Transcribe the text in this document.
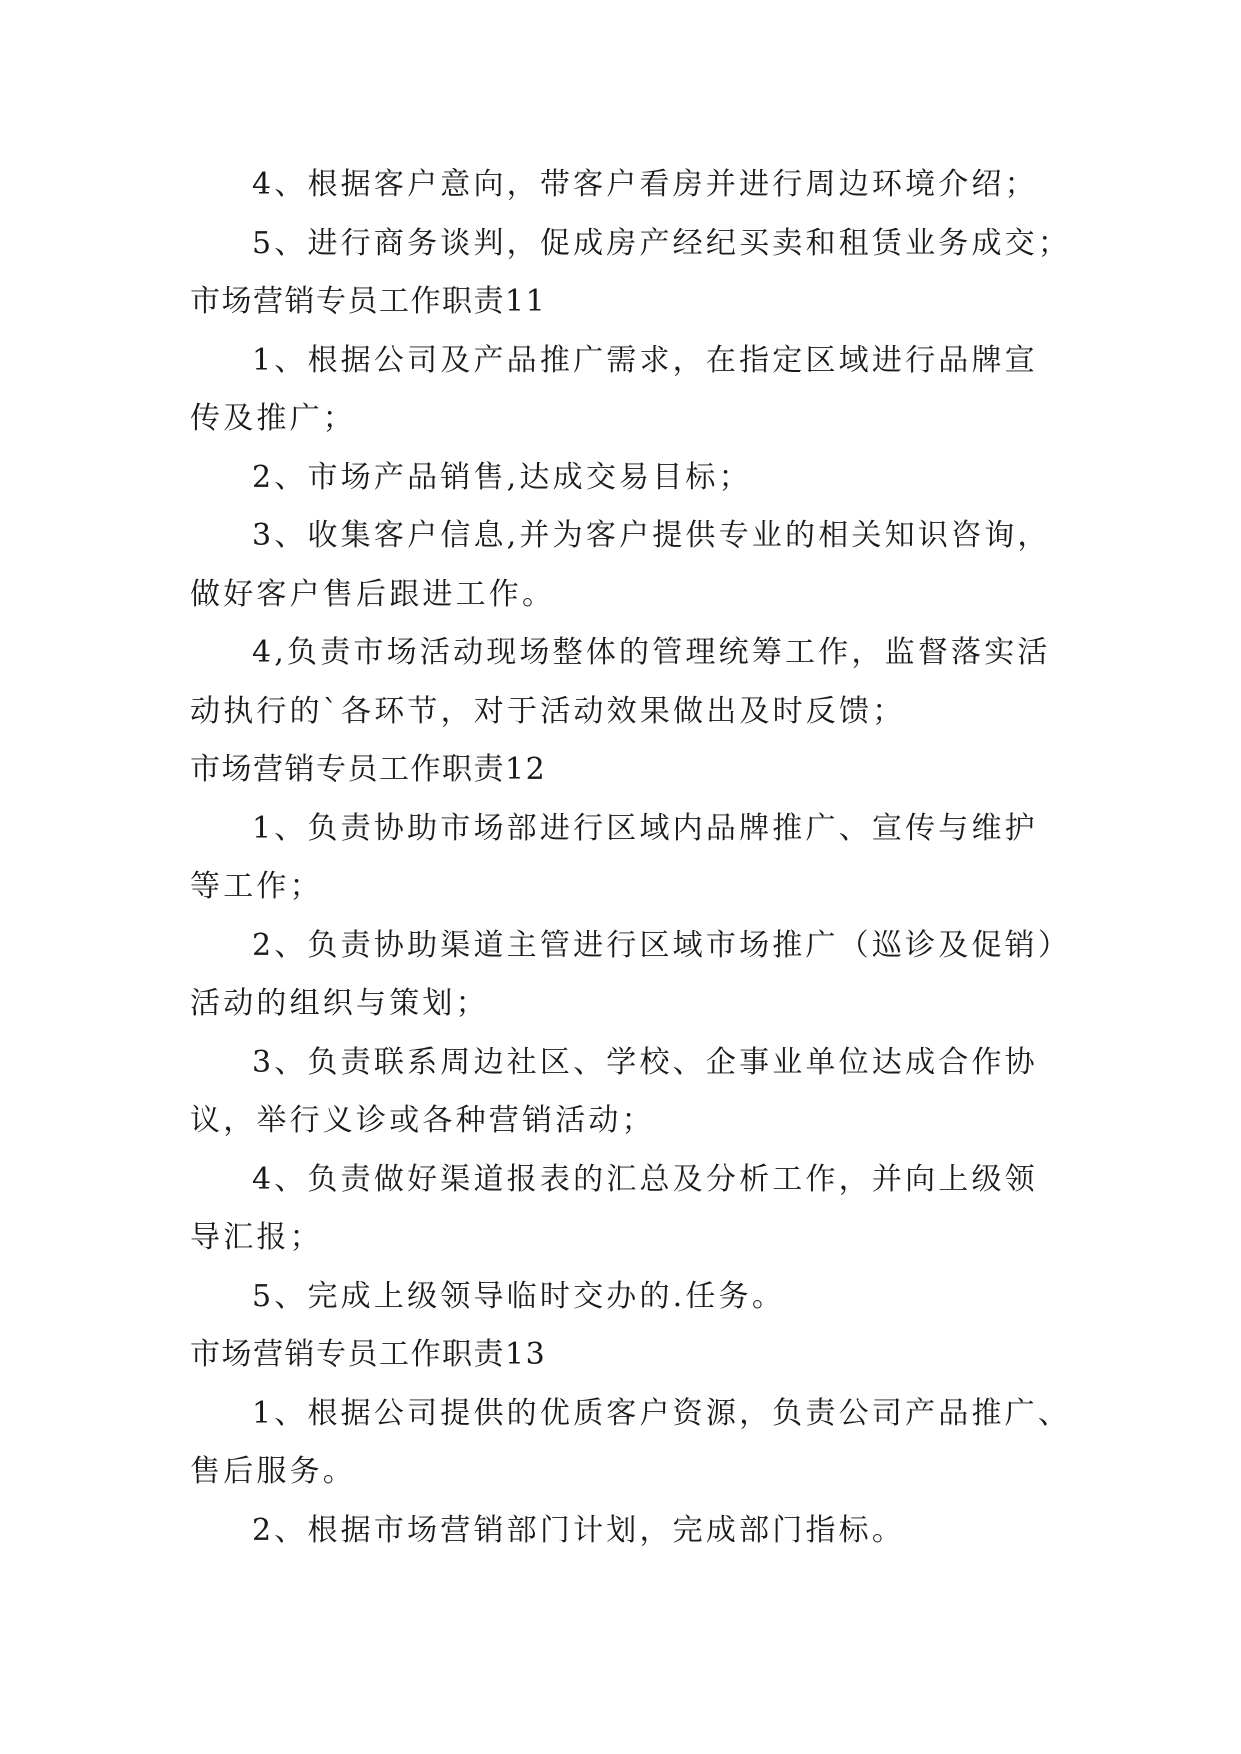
4、根据客户意向，带客户看房并进行周边环境介绍；
5、进行商务谈判，促成房产经纪买卖和租赁业务成交；
市场营销专员工作职责11
1、根据公司及产品推广需求，在指定区域进行品牌宣
传及推广；
2、市场产品销售,达成交易目标；
3、收集客户信息,并为客户提供专业的相关知识咨询，
做好客户售后跟进工作。
4,负责市场活动现场整体的管理统筹工作，监督落实活
动执行的`各环节，对于活动效果做出及时反馈；
市场营销专员工作职责12
1、负责协助市场部进行区域内品牌推广、宣传与维护
等工作；
2、负责协助渠道主管进行区域市场推广（巡诊及促销）
活动的组织与策划；
3、负责联系周边社区、学校、企事业单位达成合作协
议，举行义诊或各种营销活动；
4、负责做好渠道报表的汇总及分析工作，并向上级领
导汇报；
5、完成上级领导临时交办的.任务。
市场营销专员工作职责13
1、根据公司提供的优质客户资源，负责公司产品推广、
售后服务。
2、根据市场营销部门计划，完成部门指标。
